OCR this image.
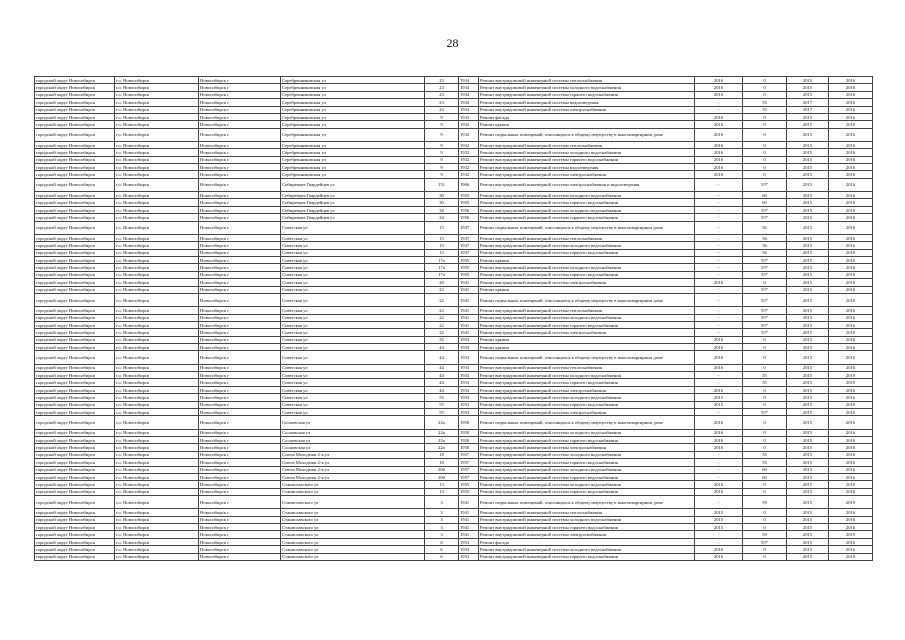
28
городской округ Новосибирск	г.о. Новосибирск	Новосибирск г	Серебренниковская ул	23	1934	Ремонт внутридомовой инженерной системы теплоснабжения	2016	0	2015	2016
городской округ Новосибирск	г.о. Новосибирск	Новосибирск г	Серебренниковская ул	23	1934	Ремонт внутридомовой инженерной системы холодного водоснабжения	2016	0	2015	2016
городской округ Новосибирск	г.о. Новосибирск	Новосибирск г	Серебренниковская ул	23	1934	Ремонт внутридомовой инженерной системы горячего водоснабжения	2016	0	2015	2016
городской округ Новосибирск	г.о. Новосибирск	Новосибирск г	Серебренниковская ул	23	1934	Ремонт внутридомовой инженерной системы водоотведения	-	55	2017	2016
городской округ Новосибирск	г.о. Новосибирск	Новосибирск г	Серебренниковская ул	23	1934	Ремонт внутридомовой инженерной системы электроснабжения	-	55	2017	2016
городской округ Новосибирск	г.о. Новосибирск	Новосибирск г	Серебренниковская ул	9	1932	Ремонт фасада	2016	0	2015	2016
городской округ Новосибирск	г.о. Новосибирск	Новосибирск г	Серебренниковская ул	9	1932	Ремонт крыши	2016	0	2015	2016
городской округ Новосибирск	г.о. Новосибирск	Новосибирск г	Серебренниковская ул	9	1932	Ремонт подвальных помещений, относящихся к общему имуществу в многоквартирном доме	2016	0	2015	2016
городской округ Новосибирск	г.о. Новосибирск	Новосибирск г	Серебренниковская ул	9	1932	Ремонт внутридомовой инженерной системы теплоснабжения	2016	0	2015	2016
городской округ Новосибирск	г.о. Новосибирск	Новосибирск г	Серебренниковская ул	9	1932	Ремонт внутридомовой инженерной системы холодного водоснабжения	2016	0	2015	2016
городской округ Новосибирск	г.о. Новосибирск	Новосибирск г	Серебренниковская ул	9	1932	Ремонт внутридомовой инженерной системы горячего водоснабжения	2016	0	2015	2016
городской округ Новосибирск	г.о. Новосибирск	Новосибирск г	Серебренниковская ул	9	1932	Ремонт внутридомовой инженерной системы водоотведения	2016	0	2015	2016
городской округ Новосибирск	г.о. Новосибирск	Новосибирск г	Серебренниковская ул	9	1932	Ремонт внутридомовой инженерной системы электроснабжения	2016	0	2015	2016
городской округ Новосибирск	г.о. Новосибирск	Новосибирск г	Сибиревцев Гвардейцев ул	151	1966	Ремонт внутридомовой инженерной системы электроснабжения и водоотведения	-	55*	2015	2016
городской округ Новосибирск	г.о. Новосибирск	Новосибирск г	Сибиревцев Гвардейцев ул	30	1955	Ремонт внутридомовой инженерной системы холодного водоснабжения	-	60	2015	2016
городской округ Новосибирск	г.о. Новосибирск	Новосибирск г	Сибиревцев Гвардейцев ул	30	1955	Ремонт внутридомовой инженерной системы горячего водоснабжения	-	60	2015	2016
городской округ Новосибирск	г.о. Новосибирск	Новосибирск г	Сибиревцев Гвардейцев ул	34	1956	Ремонт внутридомовой инженерной системы холодного водоснабжения	-	55*	2015	2016
городской округ Новосибирск	г.о. Новосибирск	Новосибирск г	Сибиревцев Гвардейцев ул	34	1956	Ремонт внутридомовой инженерной системы горячего водоснабжения	-	55*	2015	2016
городской округ Новосибирск	г.о. Новосибирск	Новосибирск г	Советская ул	15	1937	Ремонт подвальных помещений, относящихся к общему имуществу в многоквартирном доме	-	56	2015	2016
городской округ Новосибирск	г.о. Новосибирск	Новосибирск г	Советская ул	15	1937	Ремонт внутридомовой инженерной системы теплоснабжения	-	56	2015	2016
городской округ Новосибирск	г.о. Новосибирск	Новосибирск г	Советская ул	15	1937	Ремонт внутридомовой инженерной системы холодного водоснабжения	-	56	2015	2016
городской округ Новосибирск	г.о. Новосибирск	Новосибирск г	Советская ул	15	1937	Ремонт внутридомовой инженерной системы горячего водоснабжения	-	56	2015	2016
городской округ Новосибирск	г.о. Новосибирск	Новосибирск г	Советская ул	17а	1955	Ремонт крыши	-	55*	2015	2016
городской округ Новосибирск	г.о. Новосибирск	Новосибирск г	Советская ул	17а	1955	Ремонт внутридомовой инженерной системы холодного водоснабжения	-	55*	2015	2016
городской округ Новосибирск	г.о. Новосибирск	Новосибирск г	Советская ул	17а	1955	Ремонт внутридомовой инженерной системы горячего водоснабжения	-	55*	2015	2016
городской округ Новосибирск	г.о. Новосибирск	Новосибирск г	Советская ул	20	1941	Ремонт внутридомовой инженерной системы электроснабжения	2016	0	2015	2016
городской округ Новосибирск	г.о. Новосибирск	Новосибирск г	Советская ул	22	1941	Ремонт крыши	-	55*	2015	2016
городской округ Новосибирск	г.о. Новосибирск	Новосибирск г	Советская ул	22	1941	Ремонт подвальных помещений, относящихся к общему имуществу в многоквартирном доме	-	55*	2015	2016
городской округ Новосибирск	г.о. Новосибирск	Новосибирск г	Советская ул	22	1941	Ремонт внутридомовой инженерной системы теплоснабжения	-	55*	2015	2016
городской округ Новосибирск	г.о. Новосибирск	Новосибирск г	Советская ул	22	1941	Ремонт внутридомовой инженерной системы холодного водоснабжения	-	55*	2015	2016
городской округ Новосибирск	г.о. Новосибирск	Новосибирск г	Советская ул	22	1941	Ремонт внутридомовой инженерной системы горячего водоснабжения	-	55*	2015	2016
городской округ Новосибирск	г.о. Новосибирск	Новосибирск г	Советская ул	22	1941	Ремонт внутридомовой инженерной системы электроснабжения	-	55*	2015	2016
городской округ Новосибирск	г.о. Новосибирск	Новосибирск г	Советская ул	35	1953	Ремонт крыши	2016	0	2015	2016
городской округ Новосибирск	г.о. Новосибирск	Новосибирск г	Советская ул	44	1933	Ремонт крыши	2016	0	2015	2016
городской округ Новосибирск	г.о. Новосибирск	Новосибирск г	Советская ул	44	1933	Ремонт подвальных помещений, относящихся к общему имуществу в многоквартирном доме	2016	0	2015	2016
городской округ Новосибирск	г.о. Новосибирск	Новосибирск г	Советская ул	44	1933	Ремонт внутридомовой инженерной системы теплоснабжения	2016	0	2015	2016
городской округ Новосибирск	г.о. Новосибирск	Новосибирск г	Советская ул	44	1933	Ремонт внутридомовой инженерной системы холодного водоснабжения	-	55	2015	2019
городской округ Новосибирск	г.о. Новосибирск	Новосибирск г	Советская ул	44	1933	Ремонт внутридомовой инженерной системы горячего водоснабжения	-	55	2015	2019
городской округ Новосибирск	г.о. Новосибирск	Новосибирск г	Советская ул	44	1933	Ремонт внутридомовой инженерной системы электроснабжения	2016	0	2015	2016
городской округ Новосибирск	г.о. Новосибирск	Новосибирск г	Советская ул	55	1953	Ремонт внутридомовой инженерной системы холодного водоснабжения	2015	0	2015	2016
городской округ Новосибирск	г.о. Новосибирск	Новосибирск г	Советская ул	55	1953	Ремонт внутридомовой инженерной системы горячего водоснабжения	2015	0	2015	2016
городской округ Новосибирск	г.о. Новосибирск	Новосибирск г	Советская ул	55	1953	Ремонт внутридомовой инженерной системы электроснабжения	-	55*	2015	2016
городской округ Новосибирск	г.о. Новосибирск	Новосибирск г	Сосновская ул	22а	1950	Ремонт подвальных помещений, относящихся к общему имуществу в многоквартирном доме	2016	0	2015	2016
городской округ Новосибирск	г.о. Новосибирск	Новосибирск г	Сосновская ул	22а	1950	Ремонт внутридомовой инженерной системы холодного водоснабжения	2016	0	2015	2016
городской округ Новосибирск	г.о. Новосибирск	Новосибирск г	Сосновская ул	22а	1950	Ремонт внутридомовой инженерной системы горячего водоснабжения	2016	0	2015	2016
городской округ Новосибирск	г.о. Новосибирск	Новосибирск г	Сосновская ул	22а	1950	Ремонт внутридомовой инженерной системы электроснабжения	2016	0	2015	2016
городской округ Новосибирск	г.о. Новосибирск	Новосибирск г	Союза Молодежи 2-я ул	18	1957	Ремонт внутридомовой инженерной системы холодного водоснабжения	-	55	2015	2016
городской округ Новосибирск	г.о. Новосибирск	Новосибирск г	Союза Молодежи 2-я ул	18	1957	Ремонт внутридомовой инженерной системы горячего водоснабжения	-	55	2015	2016
городской округ Новосибирск	г.о. Новосибирск	Новосибирск г	Союза Молодежи 2-я ул	20б	1957	Ремонт внутридомовой инженерной системы холодного водоснабжения	-	60	2015	2016
городской округ Новосибирск	г.о. Новосибирск	Новосибирск г	Союза Молодежи 2-я ул	20б	1957	Ремонт внутридомовой инженерной системы горячего водоснабжения	-	60	2015	2016
городской округ Новосибирск	г.о. Новосибирск	Новосибирск г	Станиславского ул	13	1955	Ремонт внутридомовой инженерной системы холодного водоснабжения	2016	0	2015	2016
городской округ Новосибирск	г.о. Новосибирск	Новосибирск г	Станиславского ул	13	1955	Ремонт внутридомовой инженерной системы горячего водоснабжения	2016	0	2015	2016
городской округ Новосибирск	г.о. Новосибирск	Новосибирск г	Станиславского ул	3	1941	Ремонт подвальных помещений, относящихся к общему имуществу в многоквартирном доме	-	59	2015	2019
городской округ Новосибирск	г.о. Новосибирск	Новосибирск г	Станиславского ул	3	1941	Ремонт внутридомовой инженерной системы теплоснабжения	2015	0	2015	2016
городской округ Новосибирск	г.о. Новосибирск	Новосибирск г	Станиславского ул	3	1941	Ремонт внутридомовой инженерной системы холодного водоснабжения	2015	0	2015	2016
городской округ Новосибирск	г.о. Новосибирск	Новосибирск г	Станиславского ул	3	1941	Ремонт внутридомовой инженерной системы горячего водоснабжения	2015	0	2015	2016
городской округ Новосибирск	г.о. Новосибирск	Новосибирск г	Станиславского ул	3	1941	Ремонт внутридомовой инженерной системы электроснабжения	-	59	2015	2019
городской округ Новосибирск	г.о. Новосибирск	Новосибирск г	Станиславского ул	6	1953	Ремонт фасада	-	55*	2015	2016
городской округ Новосибирск	г.о. Новосибирск	Новосибирск г	Станиславского ул	6	1953	Ремонт внутридомовой инженерной системы холодного водоснабжения	2016	0	2015	2016
городской округ Новосибирск	г.о. Новосибирск	Новосибирск г	Станиславского ул	6	1953	Ремонт внутридомовой инженерной системы горячего водоснабжения	2016	0	2015	2019
